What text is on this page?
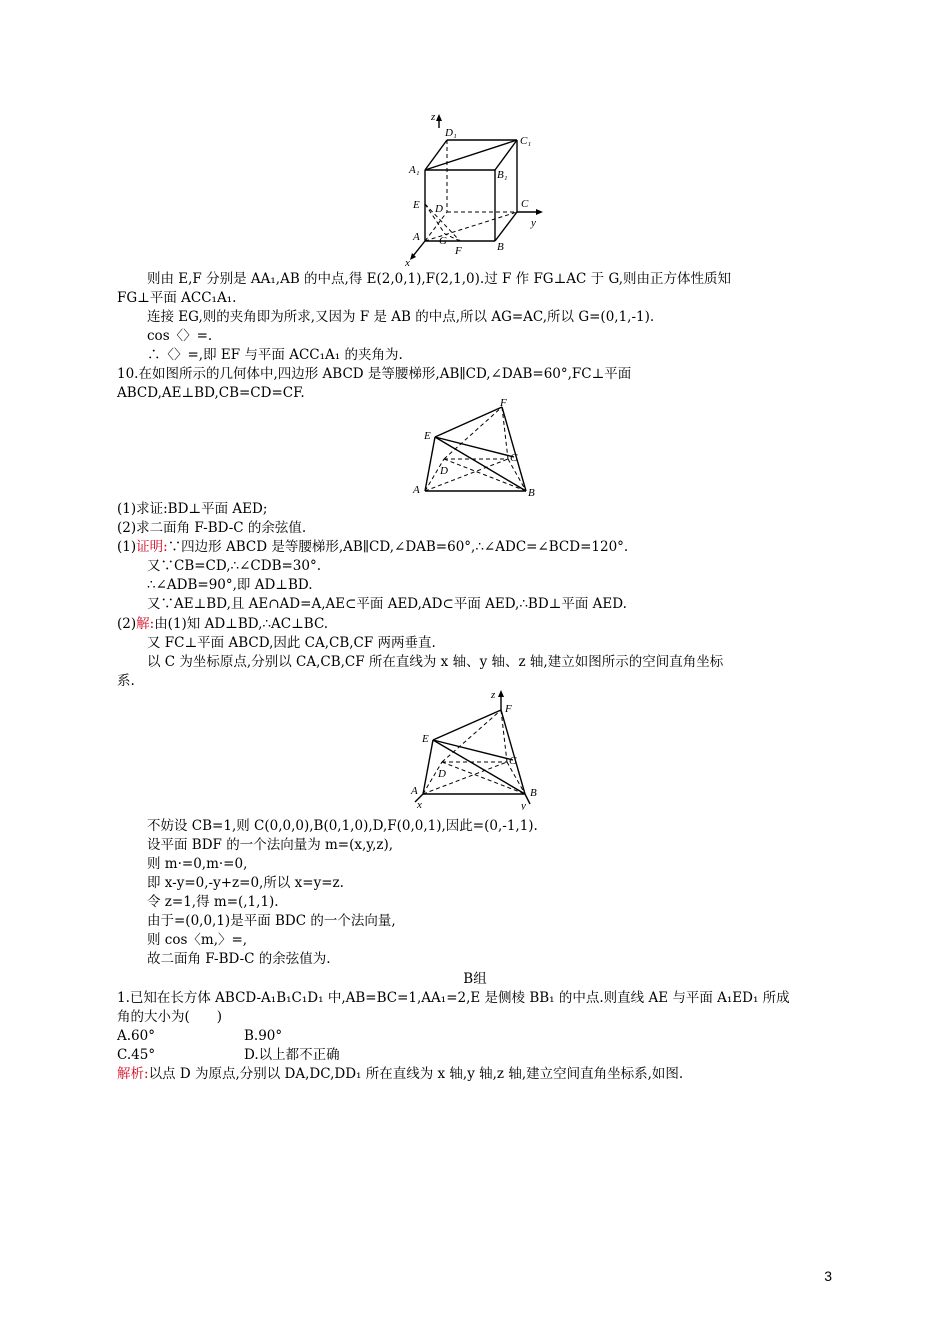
z
D₁
C₁
A₁	B₁
E D	C
y
A G
F	B
x
则由 E,F 分别是 AA₁,AB 的中点,得 E(2,0,1),F(2,1,0).过 F 作 FG⊥AC 于 G,则由正方体性质知
FG⊥平面 ACC₁A₁.
连接 EG,则的夹角即为所求,又因为 F 是 AB 的中点,所以 AG=AC,所以 G=(0,1,-1).
cos〈〉=.
∴〈〉=,即 EF 与平面 ACC₁A₁ 的夹角为.
10.在如图所示的几何体中,四边形 ABCD 是等腰梯形,AB∥CD,∠DAB=60°,FC⊥平面
ABCD,AE⊥BD,CB=CD=CF.
F
E
C
D
A	B
(1)求证:BD⊥平面 AED;
(2)求二面角 F-BD-C 的余弦值.
(1)证明:∵四边形 ABCD 是等腰梯形,AB∥CD,∠DAB=60°,∴∠ADC=∠BCD=120°.
又∵CB=CD,∴∠CDB=30°.
∴∠ADB=90°,即 AD⊥BD.
又∵AE⊥BD,且 AE∩AD=A,AE⊂平面 AED,AD⊂平面 AED,∴BD⊥平面 AED.
(2)解:由(1)知 AD⊥BD,∴AC⊥BC.
又 FC⊥平面 ABCD,因此 CA,CB,CF 两两垂直.
以 C 为坐标原点,分别以 CA,CB,CF 所在直线为 x 轴、y 轴、z 轴,建立如图所示的空间直角坐标
系.
z
F
E
C
D
A	B
x	y
不妨设 CB=1,则 C(0,0,0),B(0,1,0),D,F(0,0,1),因此=(0,-1,1).
设平面 BDF 的一个法向量为 m=(x,y,z),
则 m·=0,m·=0,
即 x-y=0,-y+z=0,所以 x=y=z.
令 z=1,得 m=(,1,1).
由于=(0,0,1)是平面 BDC 的一个法向量,
则 cos〈m,〉=,
故二面角 F-BD-C 的余弦值为.
B组
1.已知在长方体 ABCD-A₁B₁C₁D₁ 中,AB=BC=1,AA₁=2,E 是侧棱 BB₁ 的中点.则直线 AE 与平面 A₁ED₁ 所成
角的大小为(　　)
A.60°	B.90°
C.45°	D.以上都不正确
解析:以点 D 为原点,分别以 DA,DC,DD₁ 所在直线为 x 轴,y 轴,z 轴,建立空间直角坐标系,如图.
3
